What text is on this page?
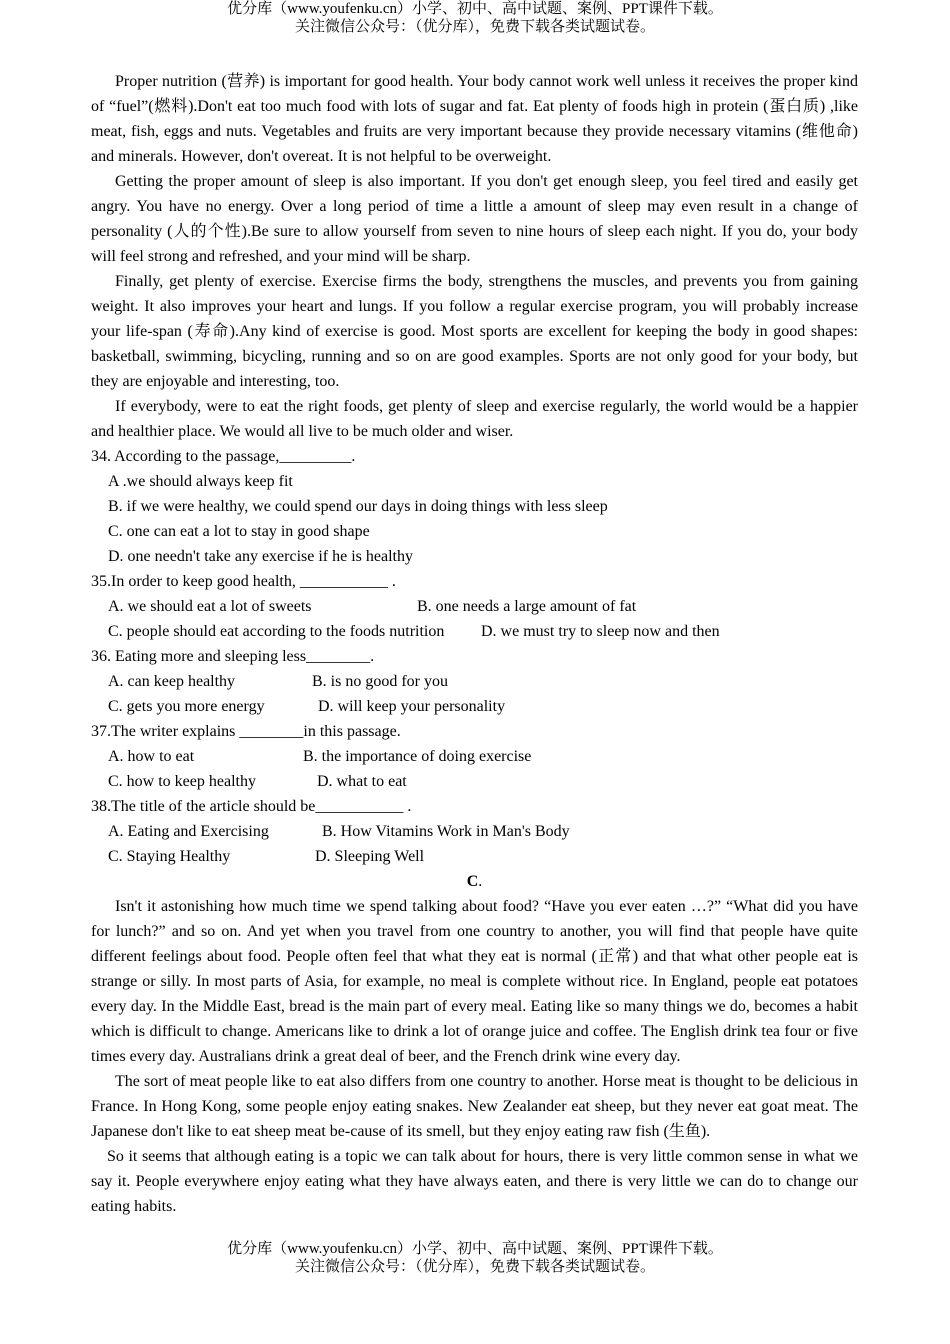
优分库（www.youfenku.cn）小学、初中、高中试题、案例、PPT课件下载。
关注微信公众号：（优分库），免费下载各类试题试卷。

Proper nutrition (营养) is important for good health. Your body cannot work well unless it receives the proper kind of “fuel”(燃料).Don't eat too much food with lots of sugar and fat. Eat plenty of foods high in protein (蛋白质) ,like meat, fish, eggs and nuts. Vegetables and fruits are very important because they provide necessary vitamins (维他命) and minerals. However, don't overeat. It is not helpful to be overweight.

Getting the proper amount of sleep is also important. If you don't get enough sleep, you feel tired and easily get angry. You have no energy. Over a long period of time a little a amount of sleep may even result in a change of personality (人的个性).Be sure to allow yourself from seven to nine hours of sleep each night. If you do, your body will feel strong and refreshed, and your mind will be sharp.

Finally, get plenty of exercise. Exercise firms the body, strengthens the muscles, and prevents you from gaining weight. It also improves your heart and lungs. If you follow a regular exercise program, you will probably increase your life-span (寿命).Any kind of exercise is good. Most sports are excellent for keeping the body in good shapes: basketball, swimming, bicycling, running and so on are good examples. Sports are not only good for your body, but they are enjoyable and interesting, too.

If everybody, were to eat the right foods, get plenty of sleep and exercise regularly, the world would be a happier and healthier place. We would all live to be much older and wiser.

34. According to the passage,_________.

A .we should always keep fit

B. if we were healthy, we could spend our days in doing things with less sleep

C. one can eat a lot to stay in good shape

D. one needn't take any exercise if he is healthy

35.In order to keep good health, ___________ .

A. we should eat a lot of sweets	B. one needs a large amount of fat

C. people should eat according to the foods nutrition	D. we must try to sleep now and then

36. Eating more and sleeping less________.

A. can keep healthy	B. is no good for you

C. gets you more energy	D. will keep your personality

37.The writer explains ________in this passage.

A. how to eat	B. the importance of doing exercise

C. how to keep healthy	D. what to eat

38.The title of the article should be___________ .

A. Eating and Exercising	B. How Vitamins Work in Man's Body

C. Staying Healthy	D. Sleeping Well

C.

Isn't it astonishing how much time we spend talking about food? “Have you ever eaten …?” “What did you have for lunch?” and so on. And yet when you travel from one country to another, you will find that people have quite different feelings about food. People often feel that what they eat is normal (正常) and that what other people eat is strange or silly. In most parts of Asia, for example, no meal is complete without rice. In England, people eat potatoes every day. In the Middle East, bread is the main part of every meal. Eating like so many things we do, becomes a habit which is difficult to change. Americans like to drink a lot of orange juice and coffee. The English drink tea four or five times every day. Australians drink a great deal of beer, and the French drink wine every day.

The sort of meat people like to eat also differs from one country to another. Horse meat is thought to be delicious in France. In Hong Kong, some people enjoy eating snakes. New Zealander eat sheep, but they never eat goat meat. The Japanese don't like to eat sheep meat be-cause of its smell, but they enjoy eating raw fish (生鱼).

So it seems that although eating is a topic we can talk about for hours, there is very little common sense in what we say it. People everywhere enjoy eating what they have always eaten, and there is very little we can do to change our eating habits.

优分库（www.youfenku.cn）小学、初中、高中试题、案例、PPT课件下载。
关注微信公众号：（优分库），免费下载各类试题试卷。
